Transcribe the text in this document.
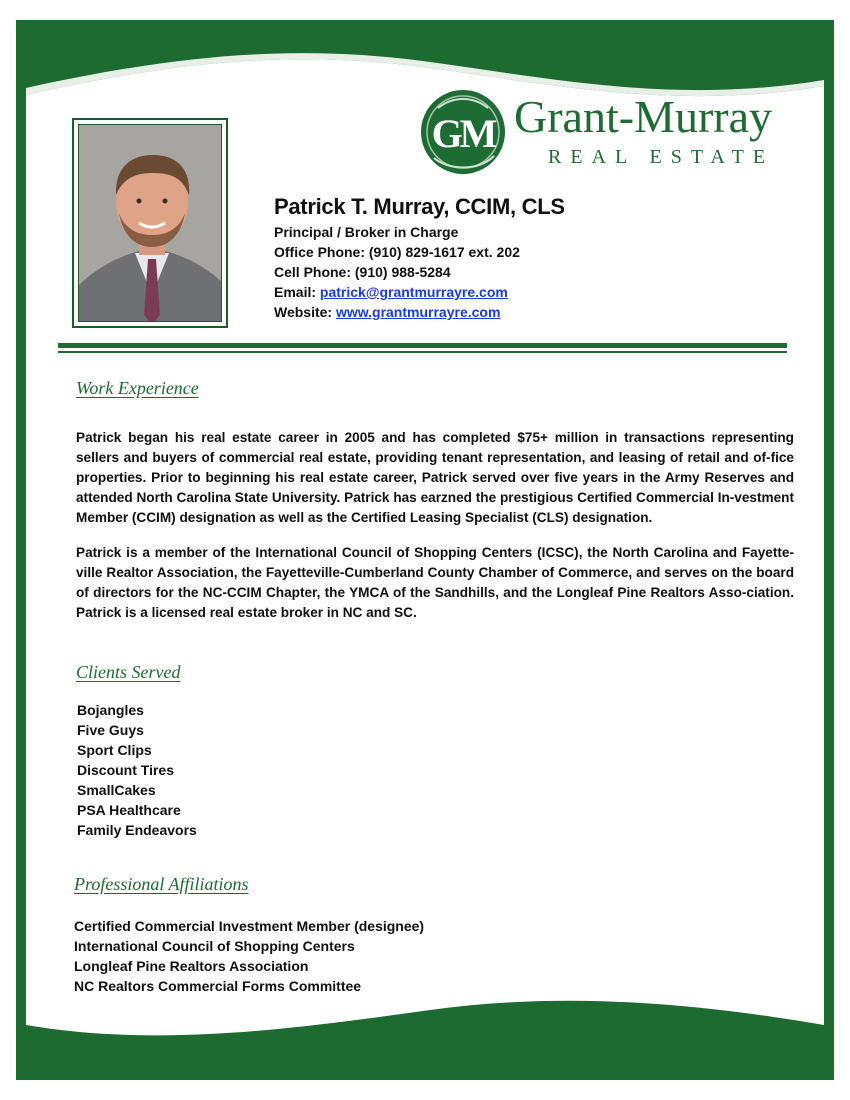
GM Grant-Murray
REAL ESTATE
Patrick T. Murray, CCIM, CLS
Principal / Broker in Charge
Office Phone: (910) 829-1617 ext. 202
Cell Phone: (910) 988-5284
Email: patrick@grantmurrayre.com
Website: www.grantmurrayre.com
Work Experience

Patrick began his real estate career in 2005 and has completed $75+ million in transactions representing sellers and buyers of commercial real estate, providing tenant representation, and leasing of retail and of-fice properties. Prior to beginning his real estate career, Patrick served over five years in the Army Reserves and attended North Carolina State University. Patrick has earzned the prestigious Certified Commercial In-vestment Member (CCIM) designation as well as the Certified Leasing Specialist (CLS) designation.

Patrick is a member of the International Council of Shopping Centers (ICSC), the North Carolina and Fayette-ville Realtor Association, the Fayetteville-Cumberland County Chamber of Commerce, and serves on the board of directors for the NC-CCIM Chapter, the YMCA of the Sandhills, and the Longleaf Pine Realtors Asso-ciation. Patrick is a licensed real estate broker in NC and SC.

Clients Served
Bojangles
Five Guys
Sport Clips
Discount Tires
SmallCakes
PSA Healthcare
Family Endeavors
Professional Affiliations
Certified Commercial Investment Member (designee)
International Council of Shopping Centers
Longleaf Pine Realtors Association
NC Realtors Commercial Forms Committee
